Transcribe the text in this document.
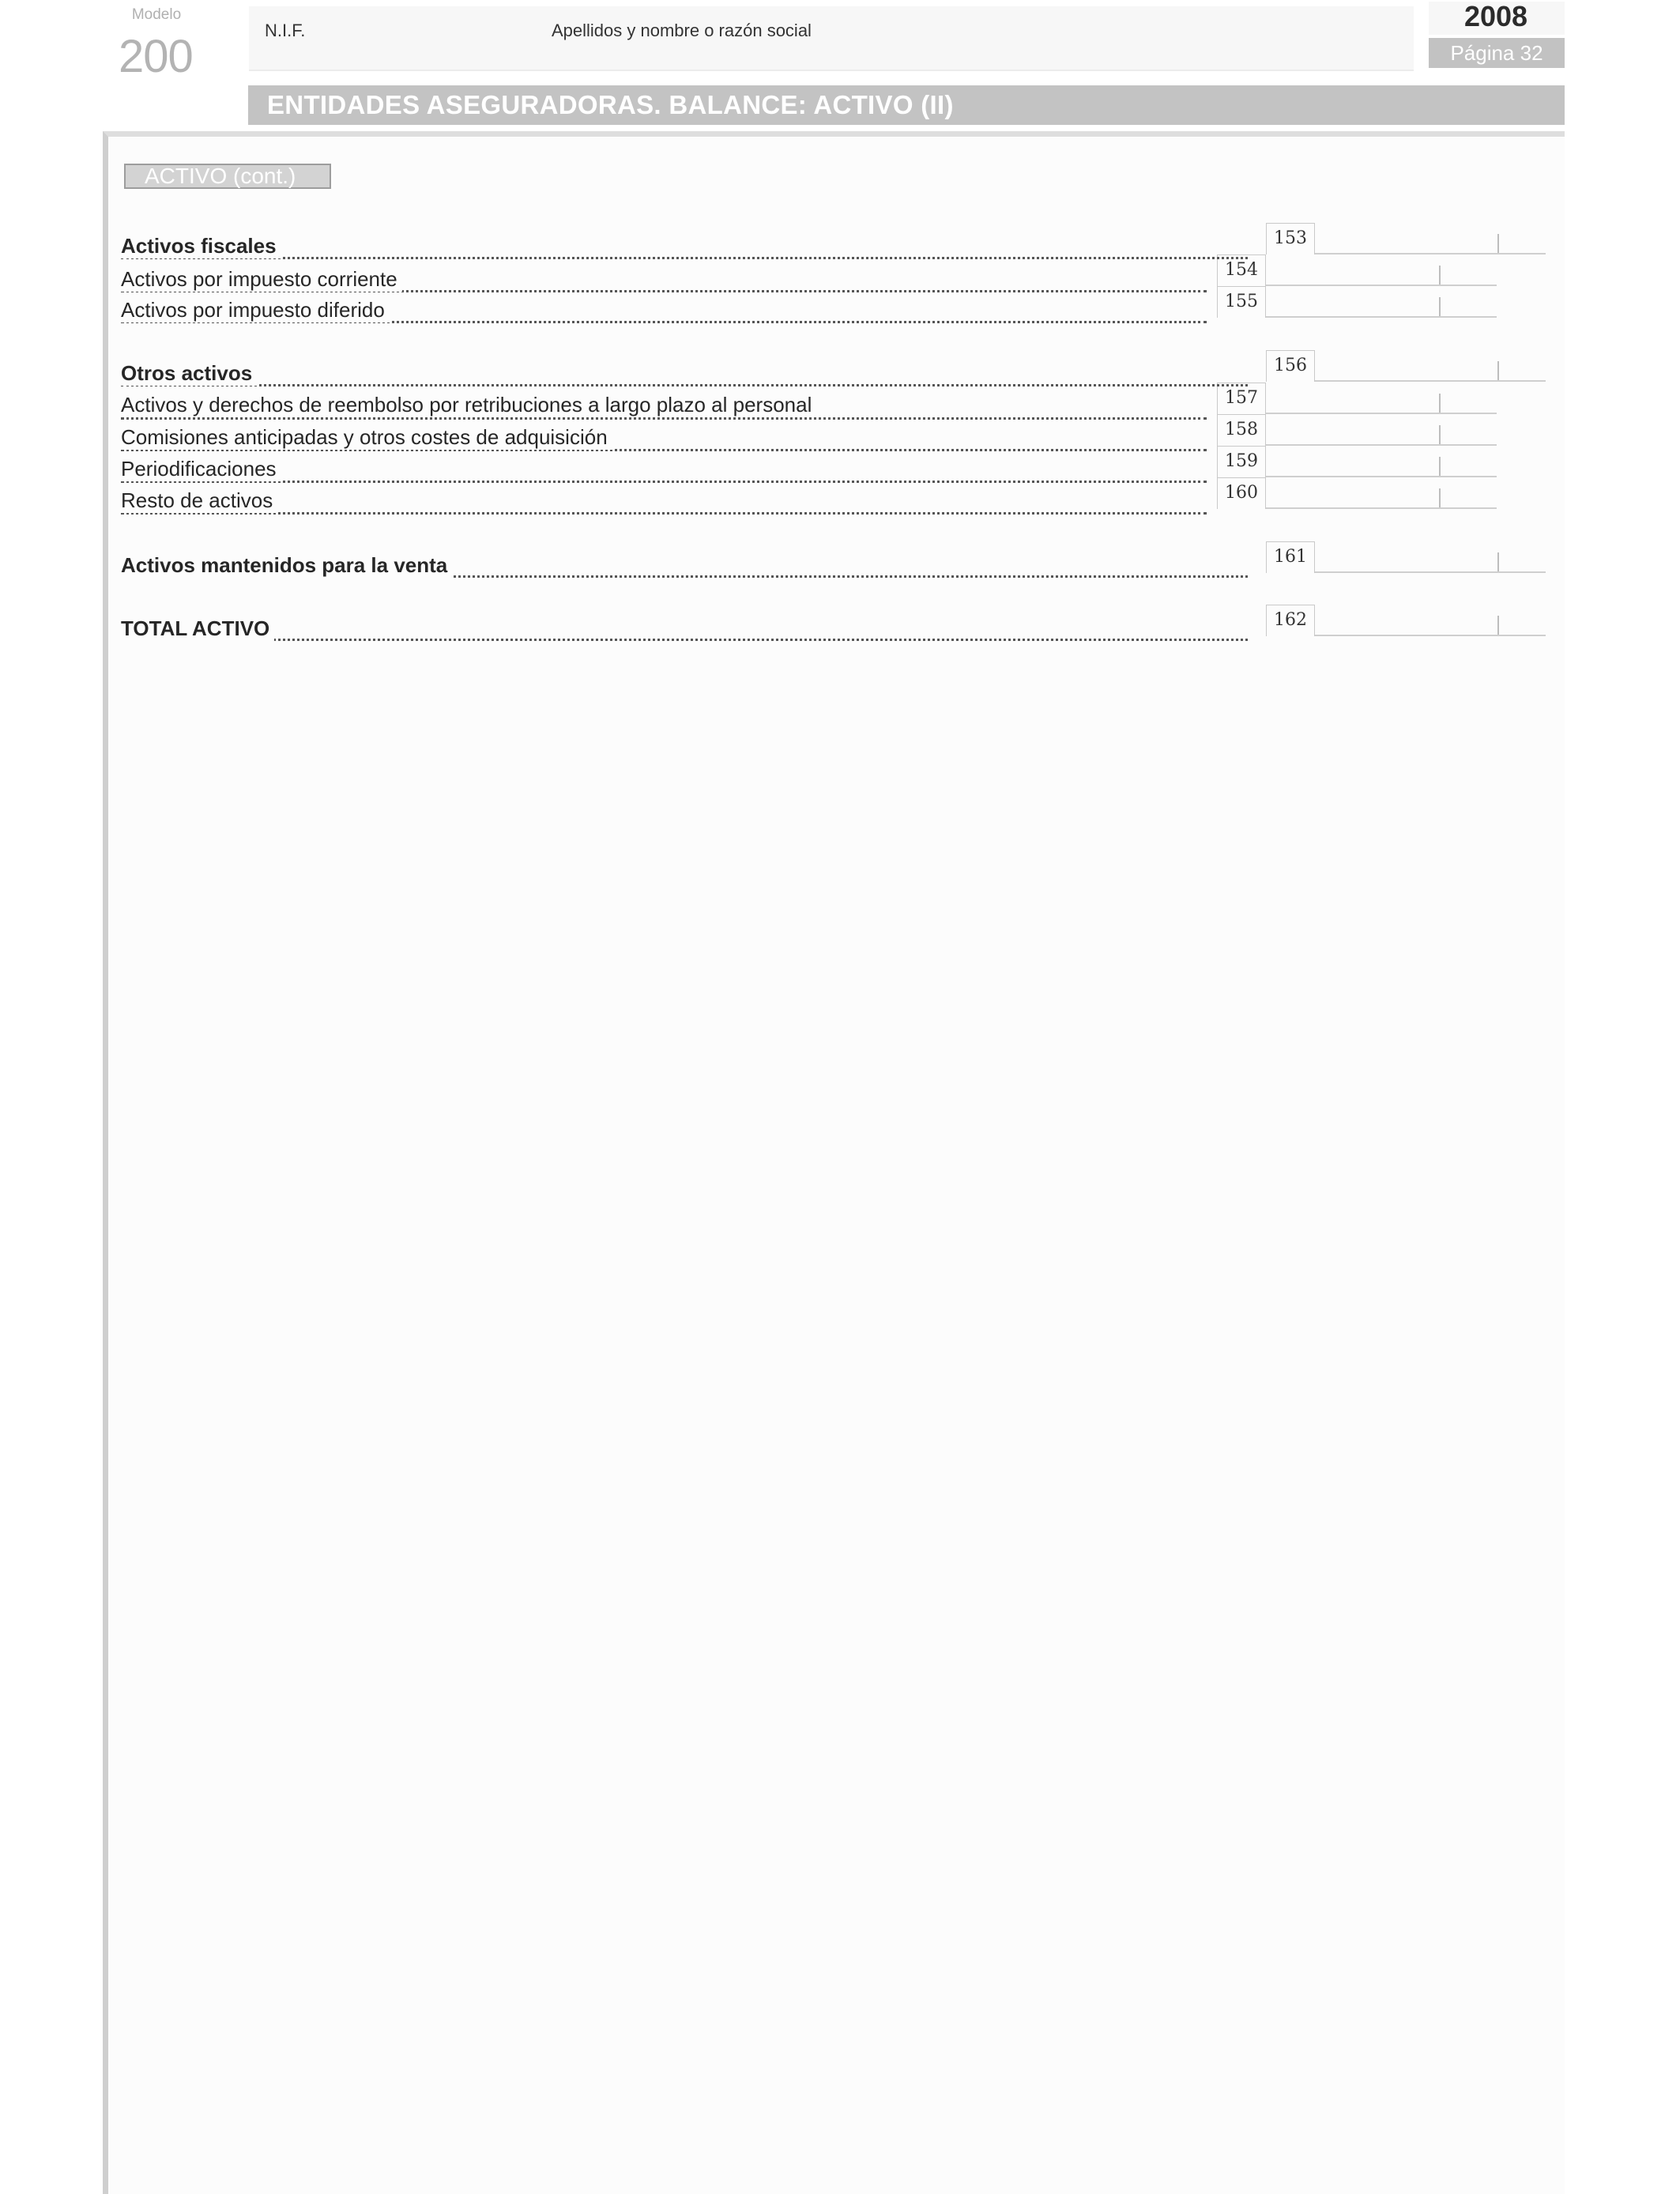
Modelo
200
N.I.F.	Apellidos y nombre o razón social	2008
Página 32
ENTIDADES ASEGURADORAS. BALANCE: ACTIVO (II)
ACTIVO (cont.)
Activos fiscales	153
Activos por impuesto corriente	154
Activos por impuesto diferido	155
Otros activos	156
Activos y derechos de reembolso por retribuciones a largo plazo al personal	157
Comisiones anticipadas y otros costes de adquisición	158
Periodificaciones	159
Resto de activos	160
Activos mantenidos para la venta	161
TOTAL ACTIVO	162
